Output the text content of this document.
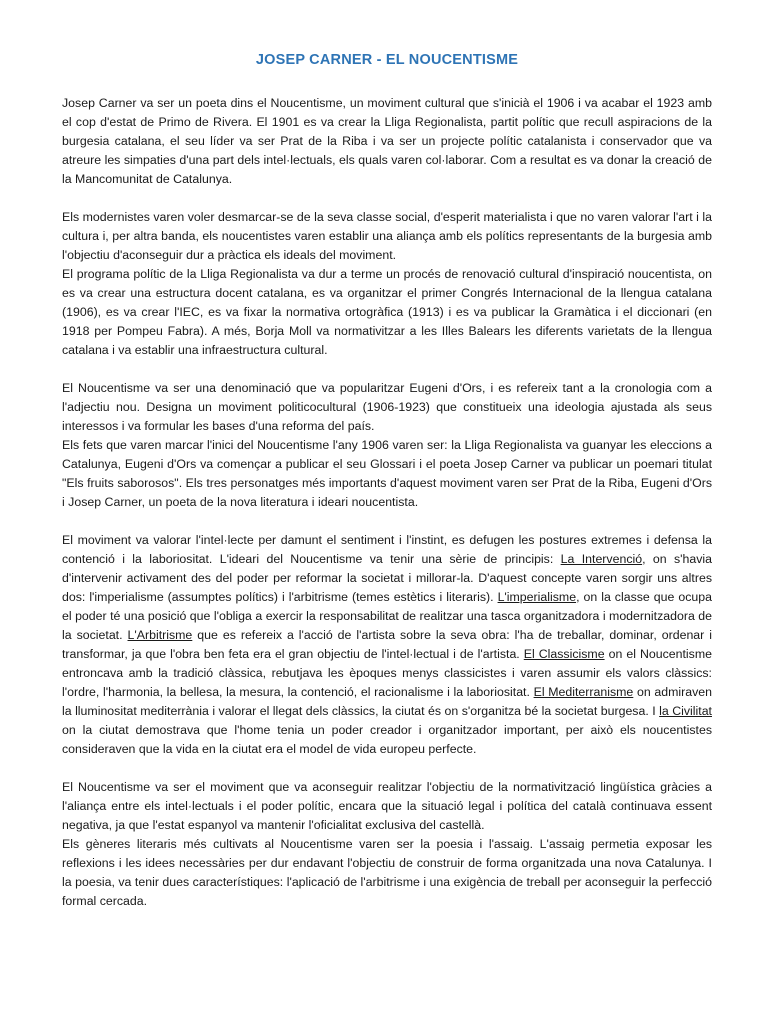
JOSEP CARNER - EL NOUCENTISME

Josep Carner va ser un poeta dins el Noucentisme, un moviment cultural que s'inicià el 1906 i va acabar el 1923 amb el cop d'estat de Primo de Rivera. El 1901 es va crear la Lliga Regionalista, partit polític que recull aspiracions de la burgesia catalana, el seu líder va ser Prat de la Riba i va ser un projecte polític catalanista i conservador que va atreure les simpaties d'una part dels intel·lectuals, els quals varen col·laborar. Com a resultat es va donar la creació de la Mancomunitat de Catalunya.

Els modernistes varen voler desmarcar-se de la seva classe social, d'esperit materialista i que no varen valorar l'art i la cultura i, per altra banda, els noucentistes varen establir una aliança amb els polítics representants de la burgesia amb l'objectiu d'aconseguir dur a pràctica els ideals del moviment.

El programa polític de la Lliga Regionalista va dur a terme un procés de renovació cultural d'inspiració noucentista, on es va crear una estructura docent catalana, es va organitzar el primer Congrés Internacional de la llengua catalana (1906), es va crear l'IEC, es va fixar la normativa ortogràfica (1913) i es va publicar la Gramàtica i el diccionari (en 1918 per Pompeu Fabra). A més, Borja Moll va normativitzar a les Illes Balears les diferents varietats de la llengua catalana i va establir una infraestructura cultural.

El Noucentisme va ser una denominació que va popularitzar Eugeni d'Ors, i es refereix tant a la cronologia com a l'adjectiu nou. Designa un moviment politicocultural (1906-1923) que constitueix una ideologia ajustada als seus interessos i va formular les bases d'una reforma del país.

Els fets que varen marcar l'inici del Noucentisme l'any 1906 varen ser: la Lliga Regionalista va guanyar les eleccions a Catalunya, Eugeni d'Ors va començar a publicar el seu Glossari i el poeta Josep Carner va publicar un poemari titulat "Els fruits saborosos". Els tres personatges més importants d'aquest moviment varen ser Prat de la Riba, Eugeni d'Ors i Josep Carner, un poeta de la nova literatura i ideari noucentista.

El moviment va valorar l'intel·lecte per damunt el sentiment i l'instint, es defugen les postures extremes i defensa la contenció i la laboriositat. L'ideari del Noucentisme va tenir una sèrie de principis: La Intervenció, on s'havia d'intervenir activament des del poder per reformar la societat i millorar-la. D'aquest concepte varen sorgir uns altres dos: l'imperialisme (assumptes polítics) i l'arbitrisme (temes estètics i literaris). L'imperialisme, on la classe que ocupa el poder té una posició que l'obliga a exercir la responsabilitat de realitzar una tasca organitzadora i modernitzadora de la societat. L'Arbitrisme que es refereix a l'acció de l'artista sobre la seva obra: l'ha de treballar, dominar, ordenar i transformar, ja que l'obra ben feta era el gran objectiu de l'intel·lectual i de l'artista. El Classicisme on el Noucentisme entroncava amb la tradició clàssica, rebutjava les èpoques menys classicistes i varen assumir els valors clàssics: l'ordre, l'harmonia, la bellesa, la mesura, la contenció, el racionalisme i la laboriositat. El Mediterranisme on admiraven la lluminositat mediterrània i valorar el llegat dels clàssics, la ciutat és on s'organitza bé la societat burgesa. I la Civilitat on la ciutat demostrava que l'home tenia un poder creador i organitzador important, per això els noucentistes consideraven que la vida en la ciutat era el model de vida europeu perfecte.

El Noucentisme va ser el moviment que va aconseguir realitzar l'objectiu de la normativització lingüística gràcies a l'aliança entre els intel·lectuals i el poder polític, encara que la situació legal i política del català continuava essent negativa, ja que l'estat espanyol va mantenir l'oficialitat exclusiva del castellà.

Els gèneres literaris més cultivats al Noucentisme varen ser la poesia i l'assaig. L'assaig permetia exposar les reflexions i les idees necessàries per dur endavant l'objectiu de construir de forma organitzada una nova Catalunya. I la poesia, va tenir dues característiques: l'aplicació de l'arbitrisme i una exigència de treball per aconseguir la perfecció formal cercada.
